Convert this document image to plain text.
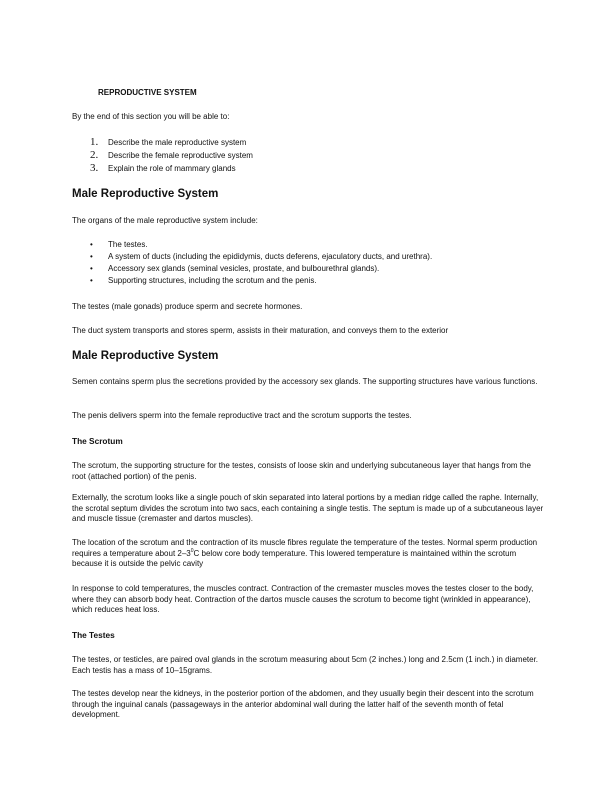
REPRODUCTIVE SYSTEM

By the end of this section you will be able to:

1. Describe the male reproductive system
2. Describe the female reproductive system
3. Explain the role of mammary glands
Male Reproductive System

The organs of the male reproductive system include:

• The testes.
• A system of ducts (including the epididymis, ducts deferens, ejaculatory ducts, and urethra).
• Accessory sex glands (seminal vesicles, prostate, and bulbourethral glands).
• Supporting structures, including the scrotum and the penis.

The testes (male gonads) produce sperm and secrete hormones.

The duct system transports and stores sperm, assists in their maturation, and conveys them to the exterior

Male Reproductive System

Semen contains sperm plus the secretions provided by the accessory sex glands. The supporting structures have various functions.

The penis delivers sperm into the female reproductive tract and the scrotum supports the testes.

The Scrotum

The scrotum, the supporting structure for the testes, consists of loose skin and underlying subcutaneous layer that hangs from the root (attached portion) of the penis.

Externally, the scrotum looks like a single pouch of skin separated into lateral portions by a median ridge called the raphe. Internally, the scrotal septum divides the scrotum into two sacs, each containing a single testis. The septum is made up of a subcutaneous layer and muscle tissue (cremaster and dartos muscles).

The location of the scrotum and the contraction of its muscle fibres regulate the temperature of the testes. Normal sperm production requires a temperature about $2-3^0C$ below core body temperature. This lowered temperature is maintained within the scrotum because it is outside the pelvic cavity

In response to cold temperatures, the muscles contract. Contraction of the cremaster muscles moves the testes closer to the body, where they can absorb body heat. Contraction of the dartos muscle causes the scrotum to become tight (wrinkled in appearance), which reduces heat loss.

The Testes

The testes, or testicles, are paired oval glands in the scrotum measuring about 5cm (2 inches.) long and 2.5cm (1 inch.) in diameter. Each testis has a mass of 10–15grams.

The testes develop near the kidneys, in the posterior portion of the abdomen, and they usually begin their descent into the scrotum through the inguinal canals (passageways in the anterior abdominal wall during the latter half of the seventh month of fetal development.
